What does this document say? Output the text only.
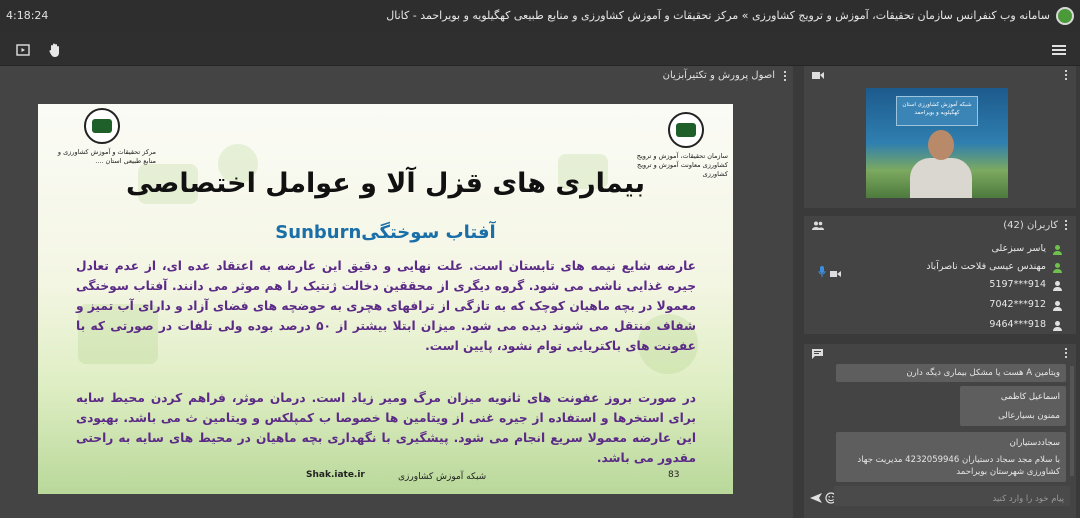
4:18:24	سامانه وب کنفرانس سازمان تحقیقات، آموزش و ترویج کشاورزی » مرکز تحقیقات و آموزش کشاورزی و منابع طبیعی کهگیلویه و بویراحمد - کانال
اصول پرورش و تکثیرآبزیان
مرکز تحقیقات و آموزش کشاورزی و منابع طبیعی استان ....
سازمان تحقیقات، آموزش و ترویج کشاورزی معاونت آموزش و ترویج کشاورزی
بیماری های قزل آلا و عوامل اختصاصی
آفتاب سوختگیSunburn
عارضه شایع نیمه های تابستان است. علت نهایی و دقیق این عارضه به اعتقاد عده ای، از عدم تعادل جیره غذایی ناشی می شود. گروه دیگری از محققین دخالت ژنتیک را هم موثر می دانند. آفتاب سوختگی معمولا در بچه ماهیان کوچک که به تازگی از ترافهای هچری به حوضچه های فضای آزاد و دارای آب تمیز و شفاف منتقل می شوند دیده می شود. میزان ابتلا بیشتر از ۵۰ درصد بوده ولی تلفات در صورتی که با عفونت های باکتریایی توام نشود، پایین است.
در صورت بروز عفونت های ثانویه میزان مرگ ومیر زیاد است. درمان موثر، فراهم کردن محیط سایه برای استخرها و استفاده از جیره غنی از ویتامین ها خصوصا ب کمپلکس و ویتامین ث می باشد. بهبودی این عارضه معمولا سریع انجام می شود. پیشگیری با نگهداری بچه ماهیان در محیط های سایه به راحتی مقدور می باشد.
83
شبکه آموزش کشاورزی
Shak.iate.ir
شبکه آموزش کشاورزی استان کهگیلویه و بویراحمد
کاربران (42)
یاسر سبزعلی
مهندس عیسی فلاحت ناصرآباد
914***5197
912***7042
918***9464
ویتامین A هست یا مشکل بیماری دیگه دارن
اسماعیل کاظمی
ممنون بسیارعالی
سجاددستیاران
با سلام مجد سجاد دستیاران 4232059946 مدیریت جهاد کشاورزی شهرستان بویراحمد
پیام خود را وارد کنید
